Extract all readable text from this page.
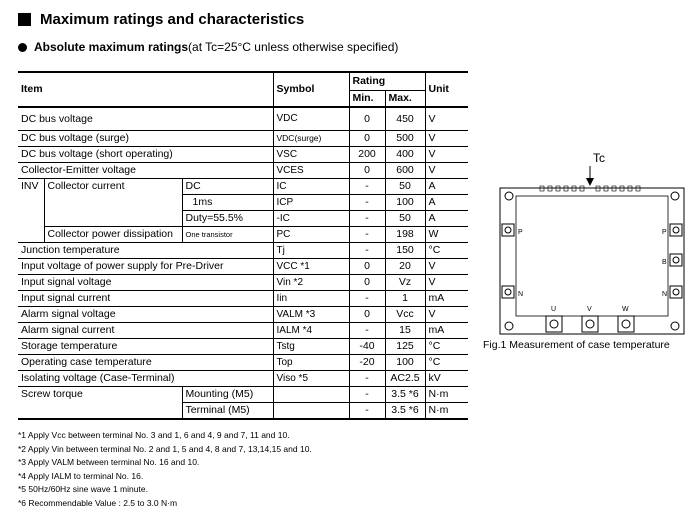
Maximum ratings and characteristics
Absolute maximum ratings (at Tc=25°C unless otherwise specified)
Item			Symbol	Rating		Unit
				Min.	Max.	
DC bus voltage			VDC	0	450	V
DC bus voltage (surge)			VDC(surge)	0	500	V
DC bus voltage (short operating)			VSC	200	400	V
Collector-Emitter voltage			VCES	0	600	V
INV	Collector current	DC	IC	-	50	A
		1ms	ICP	-	100	A
		Duty=55.5%	-IC	-	50	A
	Collector power dissipation	One transistor	PC	-	198	W
Junction temperature			Tj	-	150	°C
Input voltage of power supply for Pre-Driver			VCC *1	0	20	V
Input signal voltage			Vin *2	0	Vz	V
Input signal current			Iin	-	1	mA
Alarm signal voltage			VALM *3	0	Vcc	V
Alarm signal current			IALM *4	-	15	mA
Storage temperature			Tstg	-40	125	°C
Operating case temperature			Top	-20	100	°C
Isolating voltage (Case-Terminal)			Viso *5	-	AC2.5	kV
Screw torque		Mounting (M5)		-	3.5 *6	N·m
		Terminal (M5)		-	3.5 *6	N·m
Tc
P
N
P
B
N
U	V	W
Fig.1 Measurement of case temperature
*1 Apply Vcc between terminal No. 3 and 1, 6 and 4, 9 and 7, 11 and 10.
*2 Apply Vin between terminal No. 2 and 1, 5 and 4, 8 and 7, 13,14,15 and 10.
*3 Apply VALM between terminal No. 16 and 10.
*4 Apply IALM to terminal No. 16.
*5 50Hz/60Hz sine wave 1 minute.
*6 Recommendable Value : 2.5 to 3.0 N·m
